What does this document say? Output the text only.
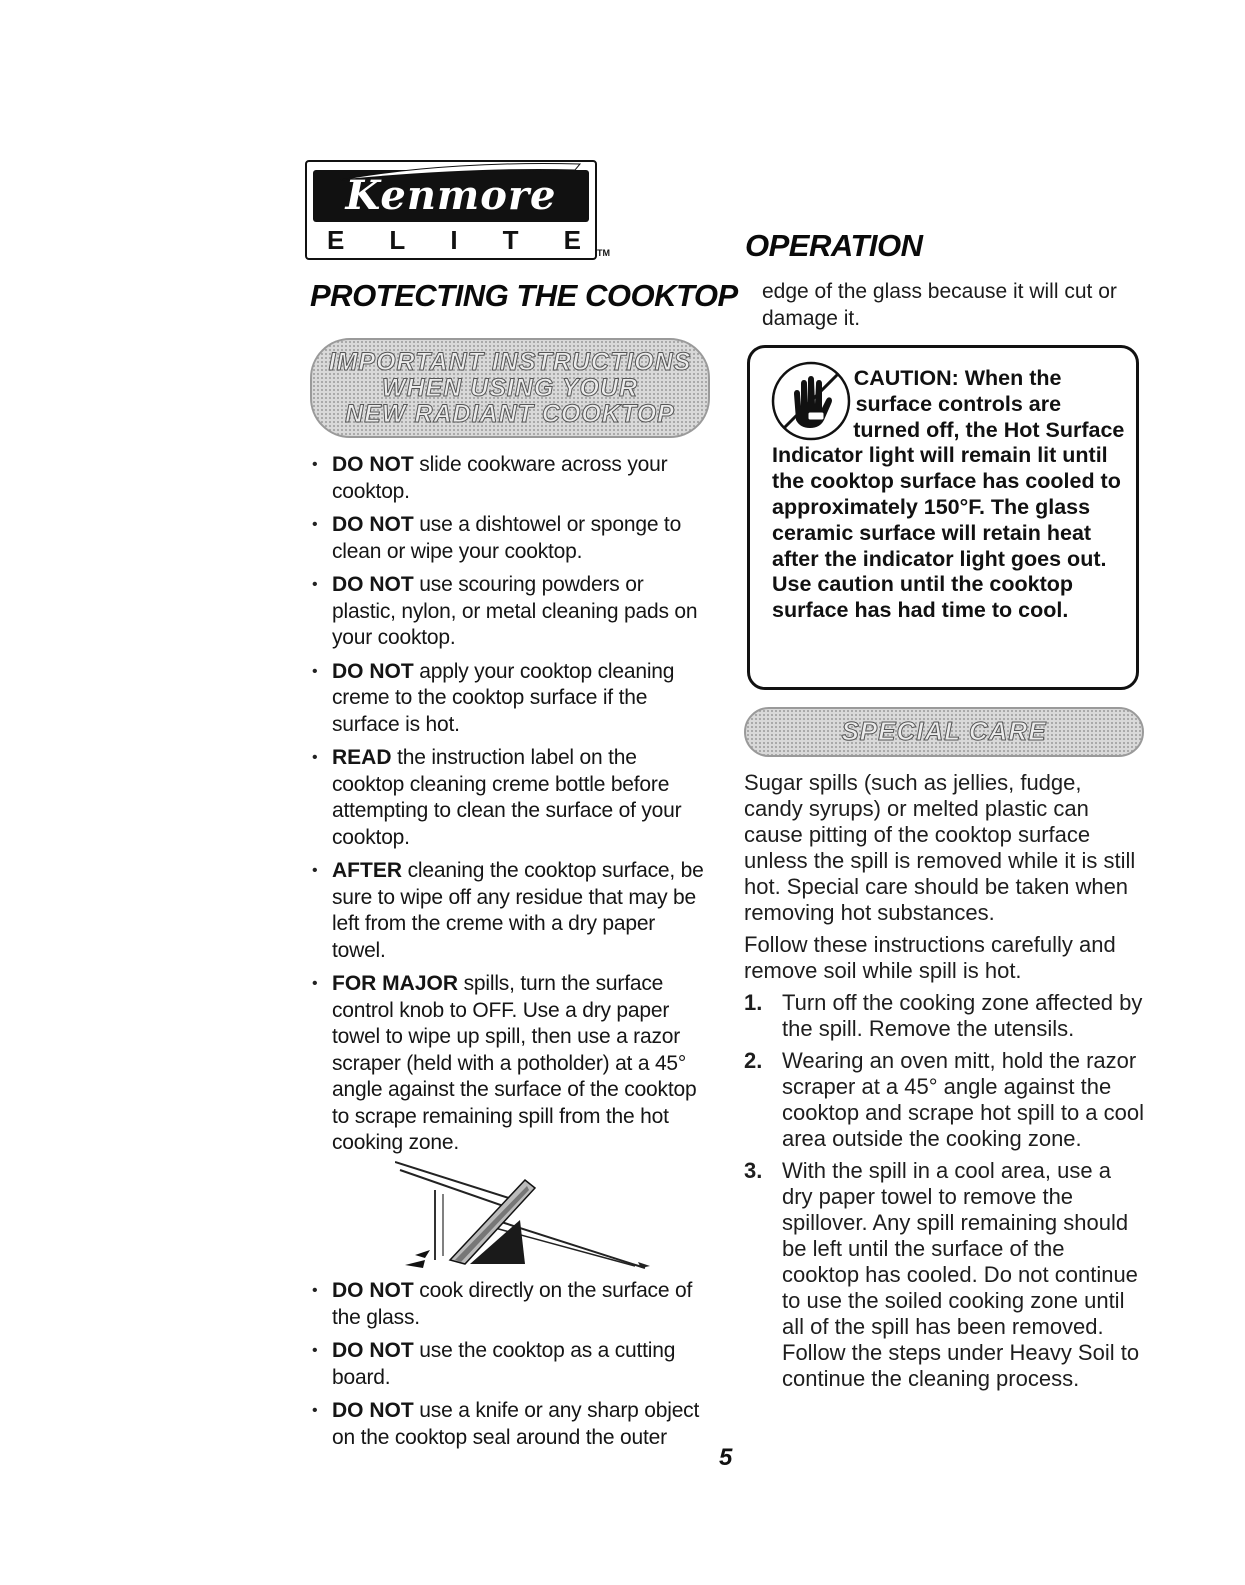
Kenmore
E L I T E TM
PROTECTING THE COOKTOP
IMPORTANT INSTRUCTIONS
WHEN USING YOUR
NEW RADIANT COOKTOP
• DO NOT slide cookware across your cooktop.
• DO NOT use a dishtowel or sponge to clean or wipe your cooktop.
• DO NOT use scouring powders or plastic, nylon, or metal cleaning pads on your cooktop.
• DO NOT apply your cooktop cleaning creme to the cooktop surface if the surface is hot.
• READ the instruction label on the cooktop cleaning creme bottle before attempting to clean the surface of your cooktop.
• AFTER cleaning the cooktop surface, be sure to wipe off any residue that may be left from the creme with a dry paper towel.
• FOR MAJOR spills, turn the surface control knob to OFF. Use a dry paper towel to wipe up spill, then use a razor scraper (held with a potholder) at a 45° angle against the surface of the cooktop to scrape remaining spill from the hot cooking zone.
• DO NOT cook directly on the surface of the glass.
• DO NOT use the cooktop as a cutting board.
• DO NOT use a knife or any sharp object on the cooktop seal around the outer
OPERATION
edge of the glass because it will cut or damage it.
CAUTION: When the surface controls are turned off, the Hot Surface Indicator light will remain lit until the cooktop surface has cooled to approximately 150°F. The glass ceramic surface will retain heat after the indicator light goes out. Use caution until the cooktop surface has had time to cool.
SPECIAL CARE

Sugar spills (such as jellies, fudge, candy syrups) or melted plastic can cause pitting of the cooktop surface unless the spill is removed while it is still hot. Special care should be taken when removing hot substances.

Follow these instructions carefully and remove soil while spill is hot.

1. Turn off the cooking zone affected by the spill. Remove the utensils.
2. Wearing an oven mitt, hold the razor scraper at a 45° angle against the cooktop and scrape hot spill to a cool area outside the cooking zone.
3. With the spill in a cool area, use a dry paper towel to remove the spillover. Any spill remaining should be left until the surface of the cooktop has cooled. Do not continue to use the soiled cooking zone until all of the spill has been removed. Follow the steps under Heavy Soil to continue the cleaning process.
5
